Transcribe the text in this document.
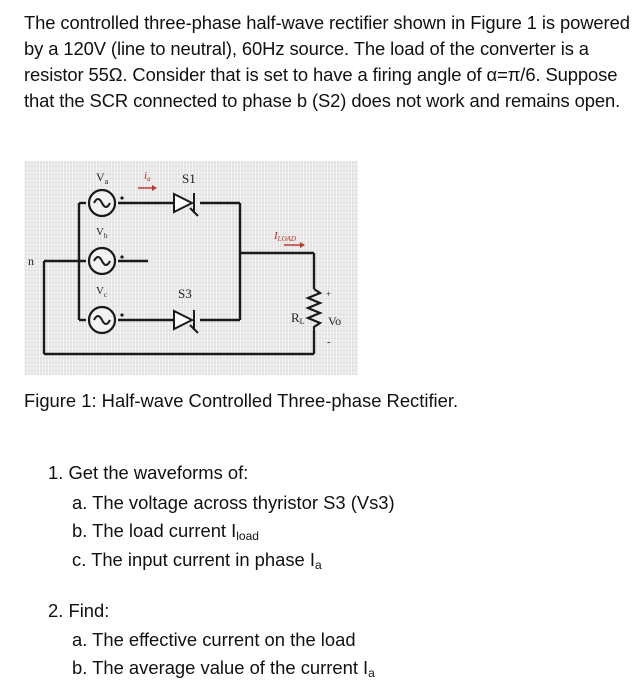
The controlled three-phase half-wave rectifier shown in Figure 1 is powered by a 120V (line to neutral), 60Hz source. The load of the converter is a resistor 55Ω. Consider that is set to have a firing angle of α=π/6. Suppose that the SCR connected to phase b (S2) does not work and remains open.

$V_a$
$V_b$
$V_c$
ia S1
S3
ILOAD
RL Vo
+
-
n

Figure 1: Half-wave Controlled Three-phase Rectifier.

1. Get the waveforms of:

a. The voltage across thyristor S3 (Vs3)

b. The load current $I_{load}$

c. The input current in phase $I_a$

2. Find:

a. The effective current on the load

b. The average value of the current $I_a$
